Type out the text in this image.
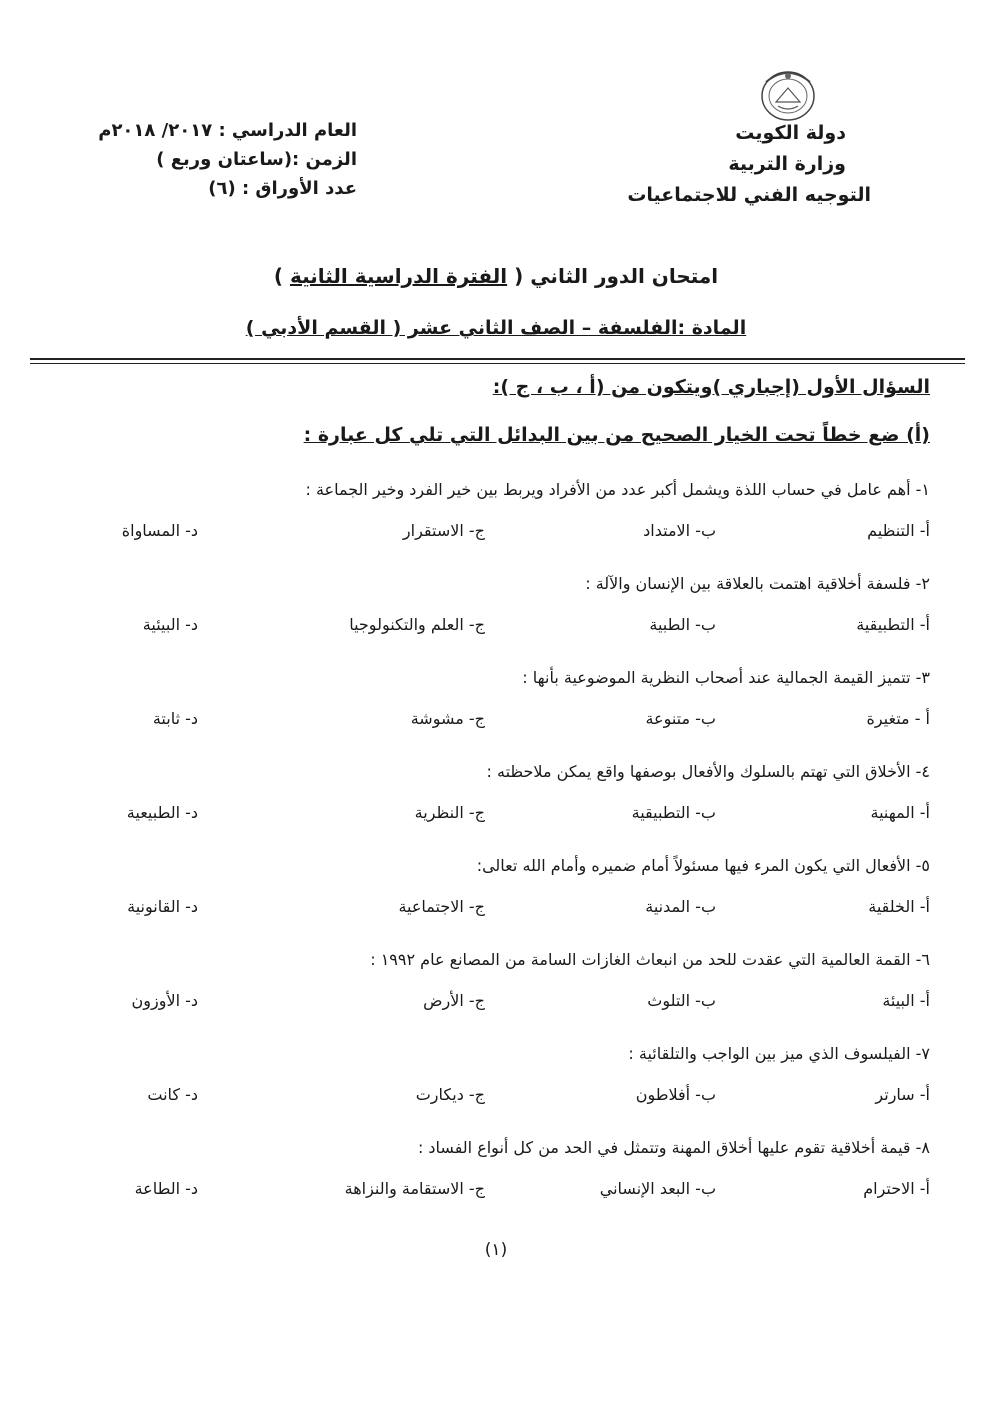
دولة الكويت
وزارة التربية
التوجيه الفني للاجتماعيات
العام الدراسي : ٢٠١٧/ ٢٠١٨م
الزمن :(ساعتان وربع )
عدد الأوراق : (٦)
امتحان الدور الثاني ( الفترة الدراسية الثانية )
المادة :الفلسفة – الصف الثاني عشر ( القسم الأدبي )
السؤال الأول (إجباري )ويتكون من (أ ، ب ، ج ):
(أ) ضع خطاً تحت الخيار الصحيح من بين البدائل التي تلي كل عبارة :
١- أهم عامل في حساب اللذة ويشمل أكبر عدد من الأفراد ويربط بين خير الفرد وخير الجماعة :
أ- التنظيم
ب- الامتداد
ج- الاستقرار
د- المساواة
٢- فلسفة أخلاقية اهتمت بالعلاقة بين الإنسان والآلة :
أ- التطبيقية
ب- الطبية
ج- العلم والتكنولوجيا
د- البيئية
٣- تتميز القيمة الجمالية عند أصحاب النظرية الموضوعية بأنها :
أ - متغيرة
ب- متنوعة
ج- مشوشة
د- ثابتة
٤- الأخلاق التي تهتم بالسلوك والأفعال بوصفها واقع يمكن ملاحظته :
أ- المهنية
ب- التطبيقية
ج- النظرية
د- الطبيعية
٥- الأفعال التي يكون المرء فيها مسئولاً أمام ضميره وأمام الله تعالى:
أ- الخلقية
ب- المدنية
ج- الاجتماعية
د- القانونية
٦- القمة العالمية التي عقدت للحد من انبعاث الغازات السامة من المصانع عام ١٩٩٢ :
أ- البيئة
ب- التلوث
ج- الأرض
د- الأوزون
٧- الفيلسوف الذي ميز بين الواجب والتلقائية :
أ- سارتر
ب- أفلاطون
ج- ديكارت
د- كانت
٨- قيمة أخلاقية تقوم عليها أخلاق المهنة وتتمثل في الحد من كل أنواع الفساد :
أ- الاحترام
ب- البعد الإنساني
ج- الاستقامة والنزاهة
د- الطاعة
(١)
